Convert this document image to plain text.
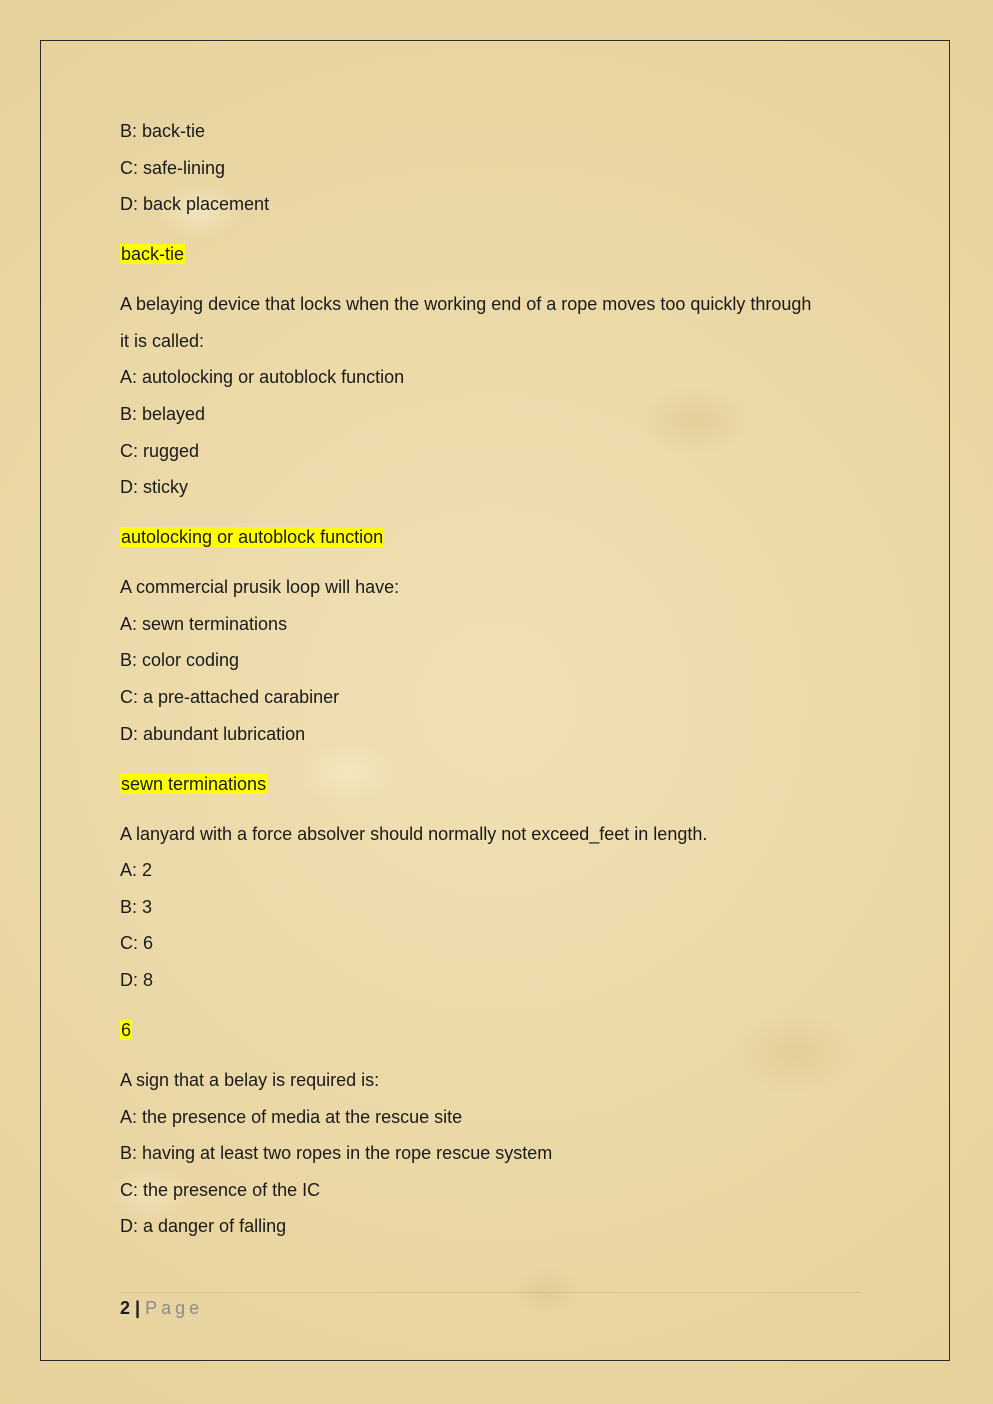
B: back-tie
C: safe-lining
D: back placement
back-tie
A belaying device that locks when the working end of a rope moves too quickly through
it is called:
A: autolocking or autoblock function
B: belayed
C: rugged
D: sticky
autolocking or autoblock function
A commercial prusik loop will have:
A: sewn terminations
B: color coding
C: a pre-attached carabiner
D: abundant lubrication
sewn terminations
A lanyard with a force absolver should normally not exceed_feet in length.
A: 2
B: 3
C: 6
D: 8
6
A sign that a belay is required is:
A: the presence of media at the rescue site
B: having at least two ropes in the rope rescue system
C: the presence of the IC
D: a danger of falling
2 | Page
